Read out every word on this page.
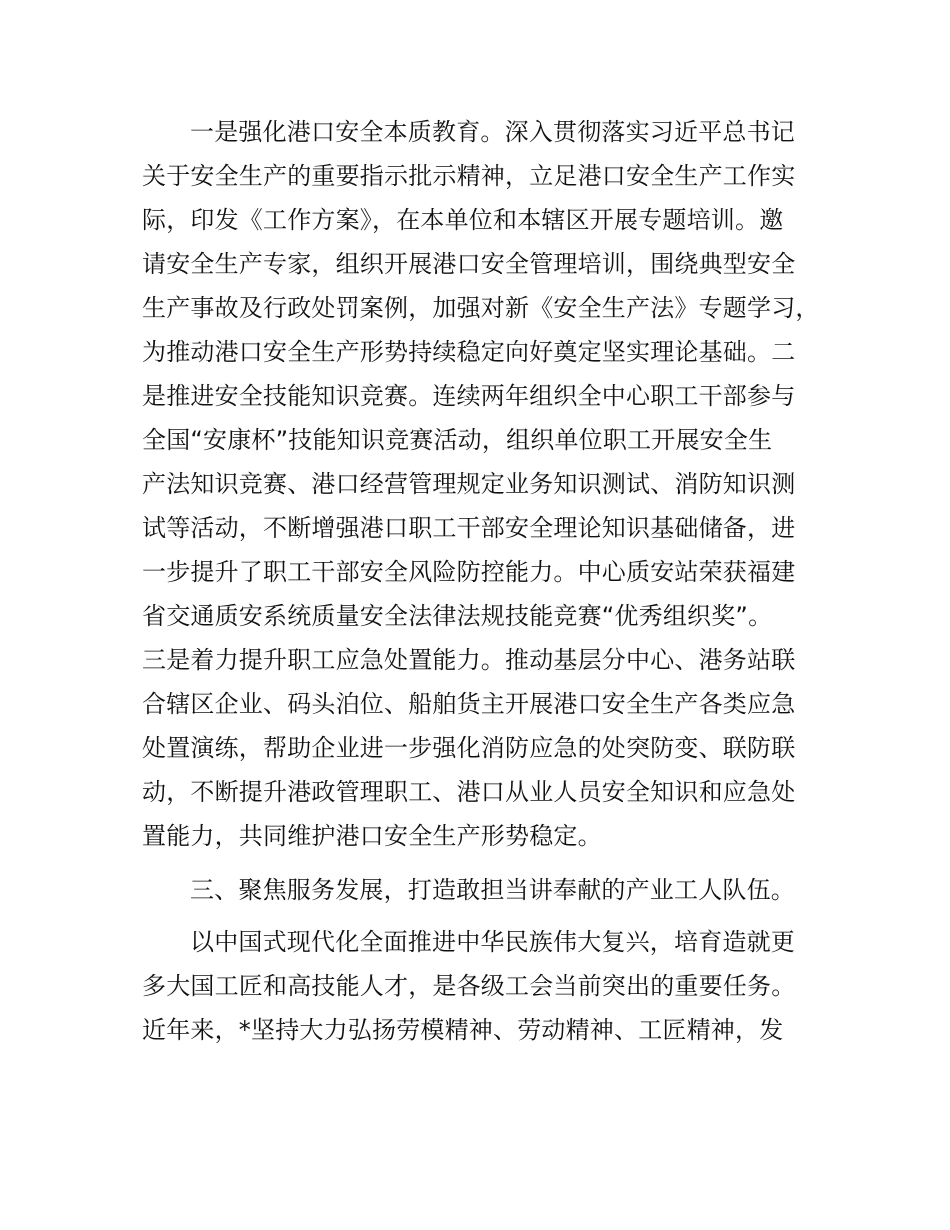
一是强化港口安全本质教育。深入贯彻落实习近平总书记
关于安全生产的重要指示批示精神，立足港口安全生产工作实
际，印发《工作方案》，在本单位和本辖区开展专题培训。邀
请安全生产专家，组织开展港口安全管理培训，围绕典型安全
生产事故及行政处罚案例，加强对新《安全生产法》专题学习，
为推动港口安全生产形势持续稳定向好奠定坚实理论基础。二
是推进安全技能知识竞赛。连续两年组织全中心职工干部参与
全国“安康杯”技能知识竞赛活动，组织单位职工开展安全生
产法知识竞赛、港口经营管理规定业务知识测试、消防知识测
试等活动，不断增强港口职工干部安全理论知识基础储备，进
一步提升了职工干部安全风险防控能力。中心质安站荣获福建
省交通质安系统质量安全法律法规技能竞赛“优秀组织奖”。
三是着力提升职工应急处置能力。推动基层分中心、港务站联
合辖区企业、码头泊位、船舶货主开展港口安全生产各类应急
处置演练，帮助企业进一步强化消防应急的处突防变、联防联
动，不断提升港政管理职工、港口从业人员安全知识和应急处
置能力，共同维护港口安全生产形势稳定。
三、聚焦服务发展，打造敢担当讲奉献的产业工人队伍。
以中国式现代化全面推进中华民族伟大复兴，培育造就更
多大国工匠和高技能人才，是各级工会当前突出的重要任务。
近年来，*坚持大力弘扬劳模精神、劳动精神、工匠精神，发
